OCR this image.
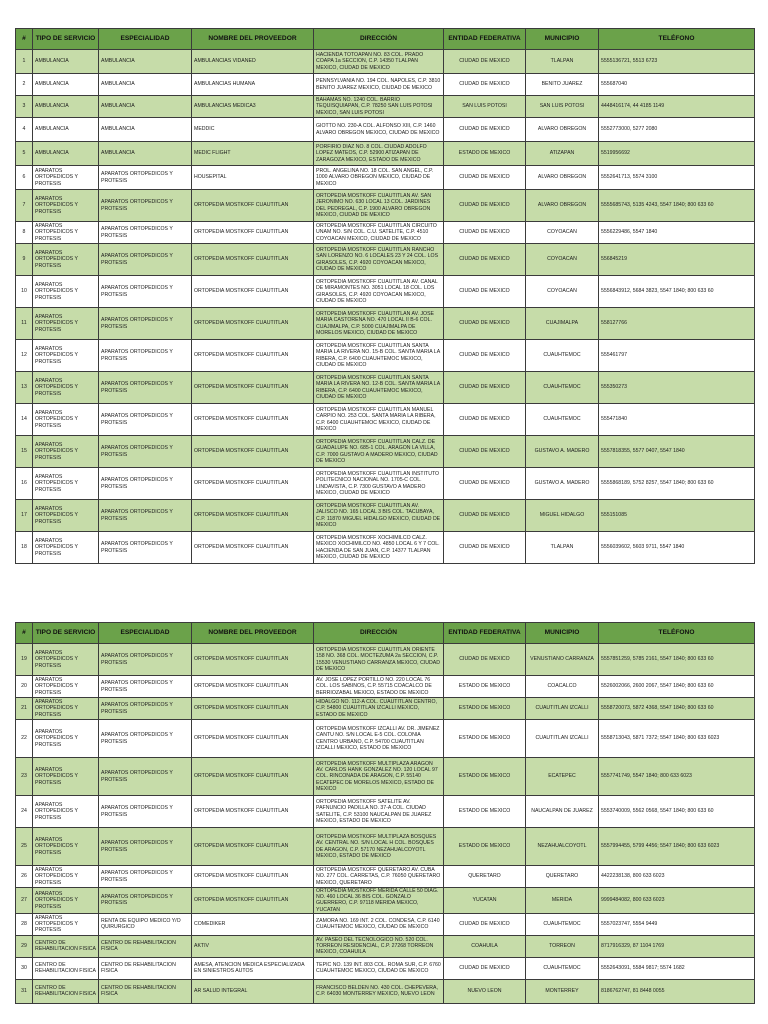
#	TIPO DE SERVICIO	ESPECIALIDAD	NOMBRE DEL PROVEEDOR	DIRECCIÓN	ENTIDAD FEDERATIVA	MUNICIPIO	TELÉFONO
1	AMBULANCIA	AMBULANCIA	AMBULANCIAS VIDANED	HACIENDA TOTOAPAN NO. 83 COL. PRADO COAPA 1a SECCION, C.P. 14350 TLALPAN MEXICO, CIUDAD DE MEXICO	CIUDAD DE MEXICO	TLALPAN	5555136721, 5513 6723
2	AMBULANCIA	AMBULANCIA	AMBULANCIAS HUMANA	PENNSYLVANIA NO. 194 COL. NAPOLES, C.P. 3810 BENITO JUAREZ MEXICO, CIUDAD DE MEXICO	CIUDAD DE MEXICO	BENITO JUAREZ	555687040
3	AMBULANCIA	AMBULANCIA	AMBULANCIAS MEDICA3	BAHAMAS NO. 1240 COL. BARRIO TEQUISQUIAPAN, C.P. 78250 SAN LUIS POTOSI MEXICO, SAN LUIS POTOSI	SAN LUIS POTOSI	SAN LUIS POTOSI	4448416174, 44 4185 1149
4	AMBULANCIA	AMBULANCIA	MEDDIC	GIOTTO NO. 230-A COL. ALFONSO XIII, C.P. 1460 ALVARO OBREGON MEXICO, CIUDAD DE MEXICO	CIUDAD DE MEXICO	ALVARO OBREGON	5552773000, 5277 2080
5	AMBULANCIA	AMBULANCIA	MEDIC FLIGHT	PORFIRIO DIAZ NO. 8 COL. CIUDAD ADOLFO LOPEZ MATEOS, C.P. 52900 ATIZAPAN DE ZARAGOZA MEXICO, ESTADO DE MEXICO	ESTADO DE MEXICO	ATIZAPAN	5519956692
6	APARATOS ORTOPEDICOS Y PROTESIS	APARATOS ORTOPEDICOS Y PROTESIS	HOUSEPITAL	PROL. ANGELINA NO. 18 COL. SAN ANGEL, C.P. 1000 ALVARO OBREGON MEXICO, CIUDAD DE MEXICO	CIUDAD DE MEXICO	ALVARO OBREGON	5552641713, 5574 3100
7	APARATOS ORTOPEDICOS Y PROTESIS	APARATOS ORTOPEDICOS Y PROTESIS	ORTOPEDIA MOSTKOFF CUAUTITLAN	ORTOPEDIA MOSTKOFF CUAUTITLAN AV. SAN JERONIMO NO. 630 LOCAL 13 COL. JARDINES DEL PEDREGAL, C.P. 1900 ALVARO OBREGON MEXICO, CIUDAD DE MEXICO	CIUDAD DE MEXICO	ALVARO OBREGON	5555685743, 5135 4243, 5547 1840; 800 633 60
8	APARATOS ORTOPEDICOS Y PROTESIS	APARATOS ORTOPEDICOS Y PROTESIS	ORTOPEDIA MOSTKOFF CUAUTITLAN	ORTOPEDIA MOSTKOFF CUAUTITLAN CIRCUITO UNAM NO. S/N COL. C.U. SATELITE, C.P. 4510 COYOACAN MEXICO, CIUDAD DE MEXICO	CIUDAD DE MEXICO	COYOACAN	5556229486, 5547 1840
9	APARATOS ORTOPEDICOS Y PROTESIS	APARATOS ORTOPEDICOS Y PROTESIS	ORTOPEDIA MOSTKOFF CUAUTITLAN	ORTOPEDIA MOSTKOFF CUAUTITLAN RANCHO SAN LORENZO NO. 6 LOCALES 23 Y 24 COL. LOS GIRASOLES, C.P. 4920 COYOACAN MEXICO, CIUDAD DE MEXICO	CIUDAD DE MEXICO	COYOACAN	556845219
10	APARATOS ORTOPEDICOS Y PROTESIS	APARATOS ORTOPEDICOS Y PROTESIS	ORTOPEDIA MOSTKOFF CUAUTITLAN	ORTOPEDIA MOSTKOFF CUAUTITLAN AV. CANAL DE MIRAMONTES NO. 3051 LOCAL 18 COL. LOS GIRASOLES, C.P. 4920 COYOACAN MEXICO, CIUDAD DE MEXICO	CIUDAD DE MEXICO	COYOACAN	5556843912, 5684 3823, 5547 1840; 800 633 60
11	APARATOS ORTOPEDICOS Y PROTESIS	APARATOS ORTOPEDICOS Y PROTESIS	ORTOPEDIA MOSTKOFF CUAUTITLAN	ORTOPEDIA MOSTKOFF CUAUTITLAN AV. JOSE MARIA CASTORENA NO. 470 LOCAL II B-6 COL. CUAJIMALPA, C.P. 5000 CUAJIMALPA DE MORELOS MEXICO, CIUDAD DE MEXICO	CIUDAD DE MEXICO	CUAJIMALPA	558127766
12	APARATOS ORTOPEDICOS Y PROTESIS	APARATOS ORTOPEDICOS Y PROTESIS	ORTOPEDIA MOSTKOFF CUAUTITLAN	ORTOPEDIA MOSTKOFF CUAUTITLAN SANTA MARIA LA RIVERA NO. 15-B COL. SANTA MARIA LA RIBERA, C.P. 6400 CUAUHTEMOC MEXICO, CIUDAD DE MEXICO	CIUDAD DE MEXICO	CUAUHTEMOC	555461797
13	APARATOS ORTOPEDICOS Y PROTESIS	APARATOS ORTOPEDICOS Y PROTESIS	ORTOPEDIA MOSTKOFF CUAUTITLAN	ORTOPEDIA MOSTKOFF CUAUTITLAN SANTA MARIA LA RIVERA NO. 12-B COL. SANTA MARIA LA RIBERA, C.P. 6400 CUAUHTEMOC MEXICO, CIUDAD DE MEXICO	CIUDAD DE MEXICO	CUAUHTEMOC	555350273
14	APARATOS ORTOPEDICOS Y PROTESIS	APARATOS ORTOPEDICOS Y PROTESIS	ORTOPEDIA MOSTKOFF CUAUTITLAN	ORTOPEDIA MOSTKOFF CUAUTITLAN MANUEL CARPIO NO. 253 COL. SANTA MARIA LA RIBERA, C.P. 6400 CUAUHTEMOC MEXICO, CIUDAD DE MEXICO	CIUDAD DE MEXICO	CUAUHTEMOC	555471840
15	APARATOS ORTOPEDICOS Y PROTESIS	APARATOS ORTOPEDICOS Y PROTESIS	ORTOPEDIA MOSTKOFF CUAUTITLAN	ORTOPEDIA MOSTKOFF CUAUTITLAN CALZ. DE GUADALUPE NO. 685-1 COL. ARAGON LA VILLA, C.P. 7000 GUSTAVO A MADERO MEXICO, CIUDAD DE MEXICO	CIUDAD DE MEXICO	GUSTAVO A. MADERO	5557818355, 5577 0407, 5547 1840
16	APARATOS ORTOPEDICOS Y PROTESIS	APARATOS ORTOPEDICOS Y PROTESIS	ORTOPEDIA MOSTKOFF CUAUTITLAN	ORTOPEDIA MOSTKOFF CUAUTITLAN INSTITUTO POLITECNICO NACIONAL NO. 1705-C COL. LINDAVISTA, C.P. 7300 GUSTAVO A MADERO MEXICO, CIUDAD DE MEXICO	CIUDAD DE MEXICO	GUSTAVO A. MADERO	5555868189, 5752 8257, 5547 1840; 800 633 60
17	APARATOS ORTOPEDICOS Y PROTESIS	APARATOS ORTOPEDICOS Y PROTESIS	ORTOPEDIA MOSTKOFF CUAUTITLAN	ORTOPEDIA MOSTKOFF CUAUTITLAN AV. JALISCO NO. 165 LOCAL 3 BIS COL. TACUBAYA, C.P. 11870 MIGUEL HIDALGO MEXICO, CIUDAD DE MEXICO	CIUDAD DE MEXICO	MIGUEL HIDALGO	555151085
18	APARATOS ORTOPEDICOS Y PROTESIS	APARATOS ORTOPEDICOS Y PROTESIS	ORTOPEDIA MOSTKOFF CUAUTITLAN	ORTOPEDIA MOSTKOFF XOCHIMILCO CALZ. MEXICO XOCHIMILCO NO. 4850 LOCAL 6 Y 7 COL. HACIENDA DE SAN JUAN, C.P. 14377 TLALPAN MEXICO, CIUDAD DE MEXICO	CIUDAD DE MEXICO	TLALPAN	5556039602, 5603 9711, 5547 1840
#	TIPO DE SERVICIO	ESPECIALIDAD	NOMBRE DEL PROVEEDOR	DIRECCIÓN	ENTIDAD FEDERATIVA	MUNICIPIO	TELÉFONO
19	APARATOS ORTOPEDICOS Y PROTESIS	APARATOS ORTOPEDICOS Y PROTESIS	ORTOPEDIA MOSTKOFF CUAUTITLAN	ORTOPEDIA MOSTKOFF CUAUTITLAN ORIENTE 158 NO. 368 COL. MOCTEZUMA 2a SECCION, C.P. 15530 VENUSTIANO CARRANZA MEXICO, CIUDAD DE MEXICO	CIUDAD DE MEXICO	VENUSTIANO CARRANZA	5557851259, 5785 2161, 5547 1840; 800 633 60
20	APARATOS ORTOPEDICOS Y PROTESIS	APARATOS ORTOPEDICOS Y PROTESIS	ORTOPEDIA MOSTKOFF CUAUTITLAN	AV. JOSE LOPEZ PORTILLO NO. 220 LOCAL 76 COL. LOS SABINOS, C.P. 55715 COACALCO DE BERRIOZABAL MEXICO, ESTADO DE MEXICO	ESTADO DE MEXICO	COACALCO	5526002066, 2600 2067, 5547 1840; 800 633 60
21	APARATOS ORTOPEDICOS Y PROTESIS	APARATOS ORTOPEDICOS Y PROTESIS	ORTOPEDIA MOSTKOFF CUAUTITLAN	HIDALGO NO. 112-A COL. CUAUTITLAN CENTRO, C.P. 54800 CUAUTITLAN IZCALLI MEXICO, ESTADO DE MEXICO	ESTADO DE MEXICO	CUAUTITLAN IZCALLI	5558720073, 5872 4368, 5547 1840; 800 633 60
22	APARATOS ORTOPEDICOS Y PROTESIS	APARATOS ORTOPEDICOS Y PROTESIS	ORTOPEDIA MOSTKOFF CUAUTITLAN	ORTOPEDIA MOSTKOFF IZCALLI AV. DR. JIMENEZ CANTU NO. S/N LOCAL E-5 COL. COLONIA CENTRO URBANO, C.P. 54700 CUAUTITLAN IZCALLI MEXICO, ESTADO DE MEXICO	ESTADO DE MEXICO	CUAUTITLAN IZCALLI	5558713043, 5871 7372; 5547 1840; 800 633 6023
23	APARATOS ORTOPEDICOS Y PROTESIS	APARATOS ORTOPEDICOS Y PROTESIS	ORTOPEDIA MOSTKOFF CUAUTITLAN	ORTOPEDIA MOSTKOFF MULTIPLAZA ARAGON AV. CARLOS HANK GONZALEZ NO. 120 LOCAL 97 COL. RINCONADA DE ARAGON, C.P. 55140 ECATEPEC DE MORELOS MEXICO, ESTADO DE MEXICO	ESTADO DE MEXICO	ECATEPEC	5557741749, 5547 1840; 800 633 6023
24	APARATOS ORTOPEDICOS Y PROTESIS	APARATOS ORTOPEDICOS Y PROTESIS	ORTOPEDIA MOSTKOFF CUAUTITLAN	ORTOPEDIA MOSTKOFF SATELITE AV. PAFNUNCIO PADILLA NO. 37-A COL. CIUDAD SATELITE, C.P. 53100 NAUCALPAN DE JUAREZ MEXICO, ESTADO DE MEXICO	ESTADO DE MEXICO	NAUCALPAN DE JUAREZ	5553740009, 5562 0568, 5547 1840; 800 633 60
25	APARATOS ORTOPEDICOS Y PROTESIS	APARATOS ORTOPEDICOS Y PROTESIS	ORTOPEDIA MOSTKOFF CUAUTITLAN	ORTOPEDIA MOSTKOFF MULTIPLAZA BOSQUES AV. CENTRAL NO. S/N LOCAL H COL. BOSQUES DE ARAGON, C.P. 57170 NEZAHUALCOYOTL MEXICO, ESTADO DE MEXICO	ESTADO DE MEXICO	NEZAHUALCOYOTL	5557994455, 5799 4456; 5547 1840; 800 633 6023
26	APARATOS ORTOPEDICOS Y PROTESIS	APARATOS ORTOPEDICOS Y PROTESIS	ORTOPEDIA MOSTKOFF CUAUTITLAN	ORTOPEDIA MOSTKOFF QUERETARO AV. CUBA NO. 277 COL. CARRETAS, C.P. 76050 QUERETARO MEXICO, QUERETARO	QUERETARO	QUERETARO	4422238138, 800 633 6023
27	APARATOS ORTOPEDICOS Y PROTESIS	APARATOS ORTOPEDICOS Y PROTESIS	ORTOPEDIA MOSTKOFF CUAUTITLAN	ORTOPEDIA MOSTKOFF MERIDA CALLE 50 DIAG. NO. 460 LOCAL 36 BIS COL. GONZALO GUERRERO, C.P. 97118 MERIDA MEXICO, YUCATAN	YUCATAN	MERIDA	9999484082, 800 633 6023
28	APARATOS ORTOPEDICOS Y PROTESIS	RENTA DE EQUIPO MEDICO Y/O QUIRURGICO	COMEDIKER	ZAMORA NO. 169 INT. 2 COL. CONDESA, C.P. 6140 CUAUHTEMOC MEXICO, CIUDAD DE MEXICO	CIUDAD DE MEXICO	CUAUHTEMOC	5557023747, 5554 9449
29	CENTRO DE REHABILITACION FISICA	CENTRO DE REHABILITACION FISICA	AKTIV	AV. PASEO DEL TECNOLOGICO NO. 520 COL. TORREON RESIDENCIAL, C.P. 27268 TORREON MEXICO, COAHUILA	COAHUILA	TORREON	8717916329, 87 1104 1769
30	CENTRO DE REHABILITACION FISICA	CENTRO DE REHABILITACION FISICA	AMESA, ATENCION MEDICA ESPECIALIZADA EN SINIESTROS AUTOS	TEPIC NO. 139 INT. 803 COL. ROMA SUR, C.P. 6760 CUAUHTEMOC MEXICO, CIUDAD DE MEXICO	CIUDAD DE MEXICO	CUAUHTEMOC	5552643091, 5584 9817; 5574 1682
31	CENTRO DE REHABILITACION FISICA	CENTRO DE REHABILITACION FISICA	AR SALUD INTEGRAL	FRANCISCO BELDEN NO. 430 COL. CHEPEVERA, C.P. 64030 MONTERREY MEXICO, NUEVO LEON	NUEVO LEON	MONTERREY	8186762747, 81 8448 0055
